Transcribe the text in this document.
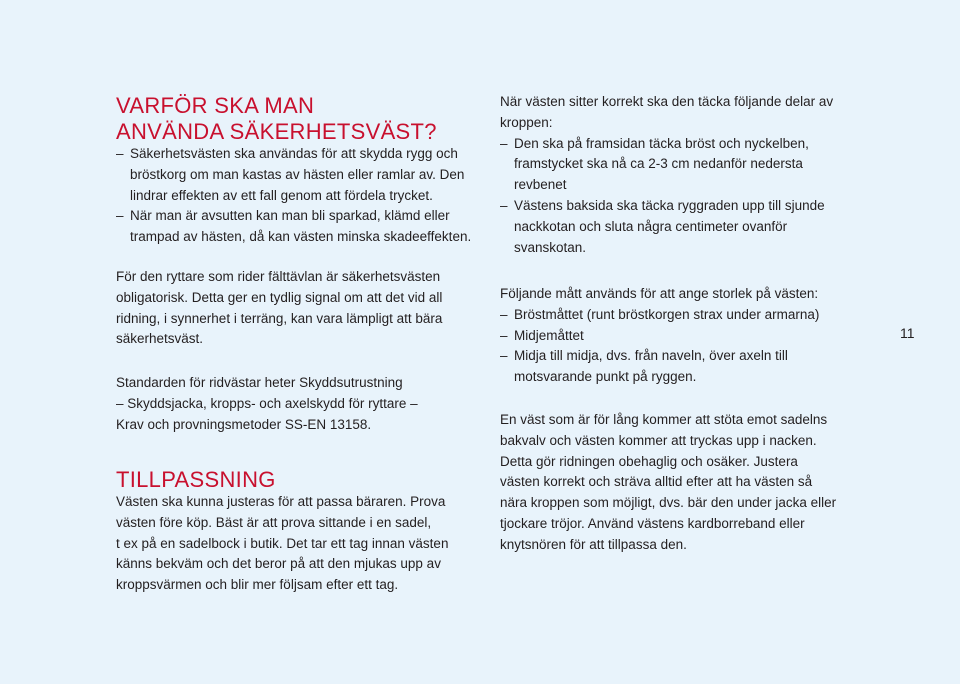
VARFÖR SKA MAN
ANVÄNDA SÄKERHETSVÄST?
– Säkerhetsvästen ska användas för att skydda rygg och
bröstkorg om man kastas av hästen eller ramlar av. Den
lindrar effekten av ett fall genom att fördela trycket.
– När man är avsutten kan man bli sparkad, klämd eller
trampad av hästen, då kan västen minska skadeeffekten.
För den ryttare som rider fälttävlan är säkerhetsvästen
obligatorisk. Detta ger en tydlig signal om att det vid all
ridning, i synnerhet i terräng, kan vara lämpligt att bära
säkerhetsväst.
Standarden för ridvästar heter Skyddsutrustning
– Skyddsjacka, kropps- och axelskydd för ryttare –
Krav och provningsmetoder SS-EN 13158.
TILLPASSNING
Västen ska kunna justeras för att passa bäraren. Prova
västen före köp. Bäst är att prova sittande i en sadel,
t ex på en sadelbock i butik. Det tar ett tag innan västen
känns bekväm och det beror på att den mjukas upp av
kroppsvärmen och blir mer följsam efter ett tag.
När västen sitter korrekt ska den täcka följande delar av
kroppen:
– Den ska på framsidan täcka bröst och nyckelben,
framstycket ska nå ca 2-3 cm nedanför nedersta
revbenet
– Västens baksida ska täcka ryggraden upp till sjunde
nackkotan och sluta några centimeter ovanför
svanskotan.
Följande mått används för att ange storlek på västen:
– Bröstmåttet (runt bröstkorgen strax under armarna)
– Midjemåttet
– Midja till midja, dvs. från naveln, över axeln till
motsvarande punkt på ryggen.
En väst som är för lång kommer att stöta emot sadelns
bakvalv och västen kommer att tryckas upp i nacken.
Detta gör ridningen obehaglig och osäker. Justera
västen korrekt och sträva alltid efter att ha västen så
nära kroppen som möjligt, dvs. bär den under jacka eller
tjockare tröjor. Använd västens kardborreband eller
knytsnören för att tillpassa den.
11
